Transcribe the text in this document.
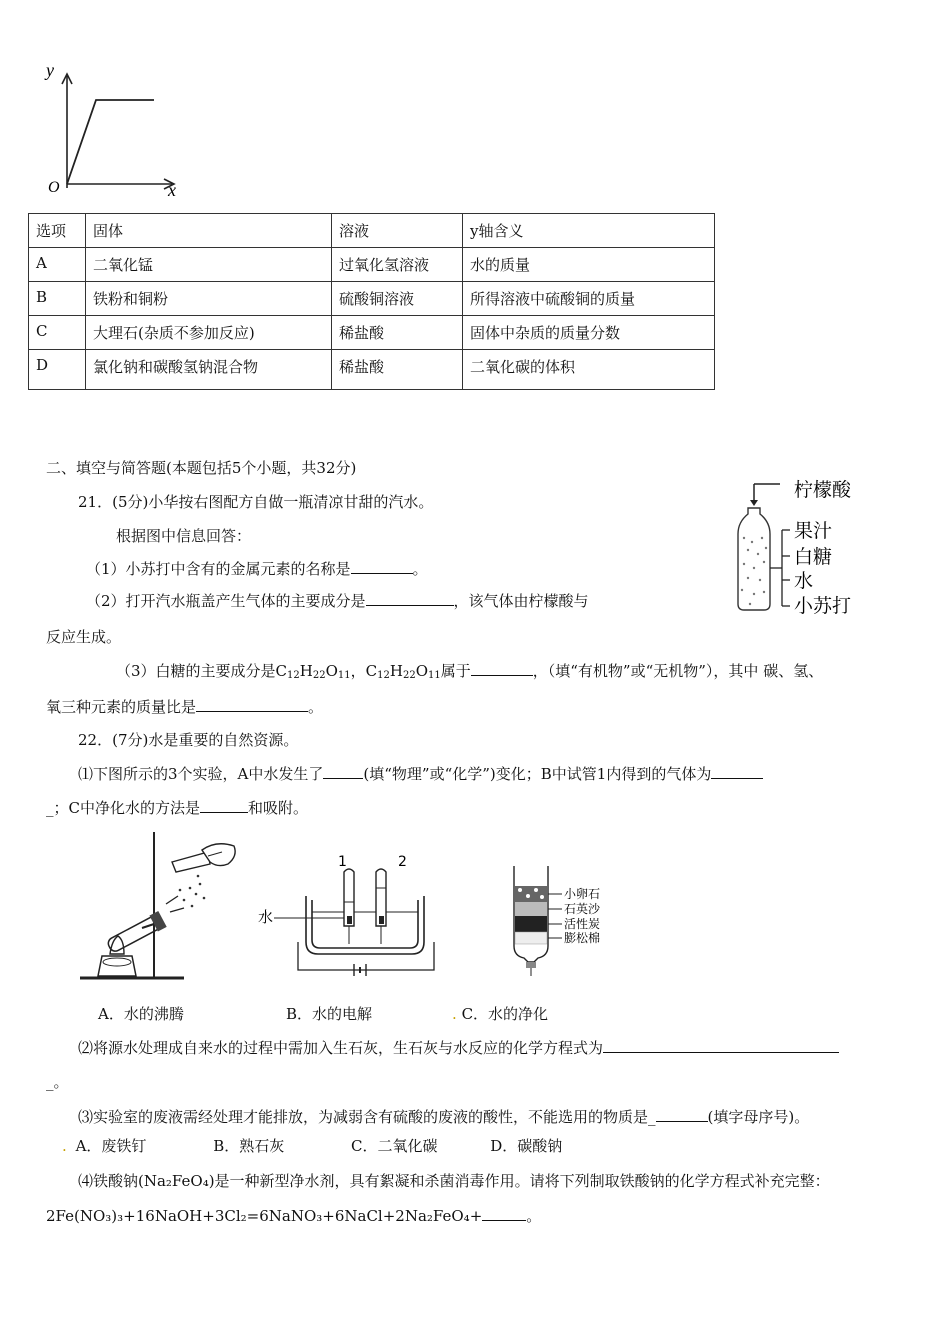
y
O	x
选项	固体	溶液	y轴含义
A	二氧化锰	过氧化氢溶液	水的质量
B	铁粉和铜粉	硫酸铜溶液	所得溶液中硫酸铜的质量
C	大理石(杂质不参加反应)	稀盐酸	固体中杂质的质量分数
D	氯化钠和碳酸氢钠混合物	稀盐酸	二氧化碳的体积
二、填空与简答题(本题包括5个小题，共32分)
21．(5分)小华按右图配方自做一瓶清凉甘甜的汽水。
根据图中信息回答：
（1）小苏打中含有的金属元素的名称是	。
（2）打开汽水瓶盖产生气体的主要成分是	，该气体由柠檬酸与
反应生成。
（3）白糖的主要成分是$C_{12}H_{22}O_{11}$，$C_{12}H_{22}O_{11}$属于	，（填“有机物”或“无机物”），其中 碳、氢、
氧三种元素的质量比是	。
柠檬酸
果汁
白糖
水
小苏打
22．(7分)水是重要的自然资源。
⑴下图所示的3个实验，A中水发生了	(填“物理”或“化学”)变化；B中试管1内得到的气体为
_；C中净化水的方法是	和吸附。
1	2
水
小卵石
石英沙
活性炭
膨松棉
A．水的沸腾	B．水的电解	. C．水的净化
⑵将源水处理成自来水的过程中需加入生石灰，生石灰与水反应的化学方程式为
_。
⑶实验室的废液需经处理才能排放，为减弱含有硫酸的废液的酸性，不能选用的物质是_	(填字母序号)。
. A．废铁钉	B．熟石灰	C．二氧化碳	D．碳酸钠
⑷铁酸钠(Na₂FeO₄)是一种新型净水剂，具有絮凝和杀菌消毒作用。请将下列制取铁酸钠的化学方程式补充完整：
2Fe(NO₃)₃+16NaOH+3Cl₂=6NaNO₃+6NaCl+2Na₂FeO₄+	。
